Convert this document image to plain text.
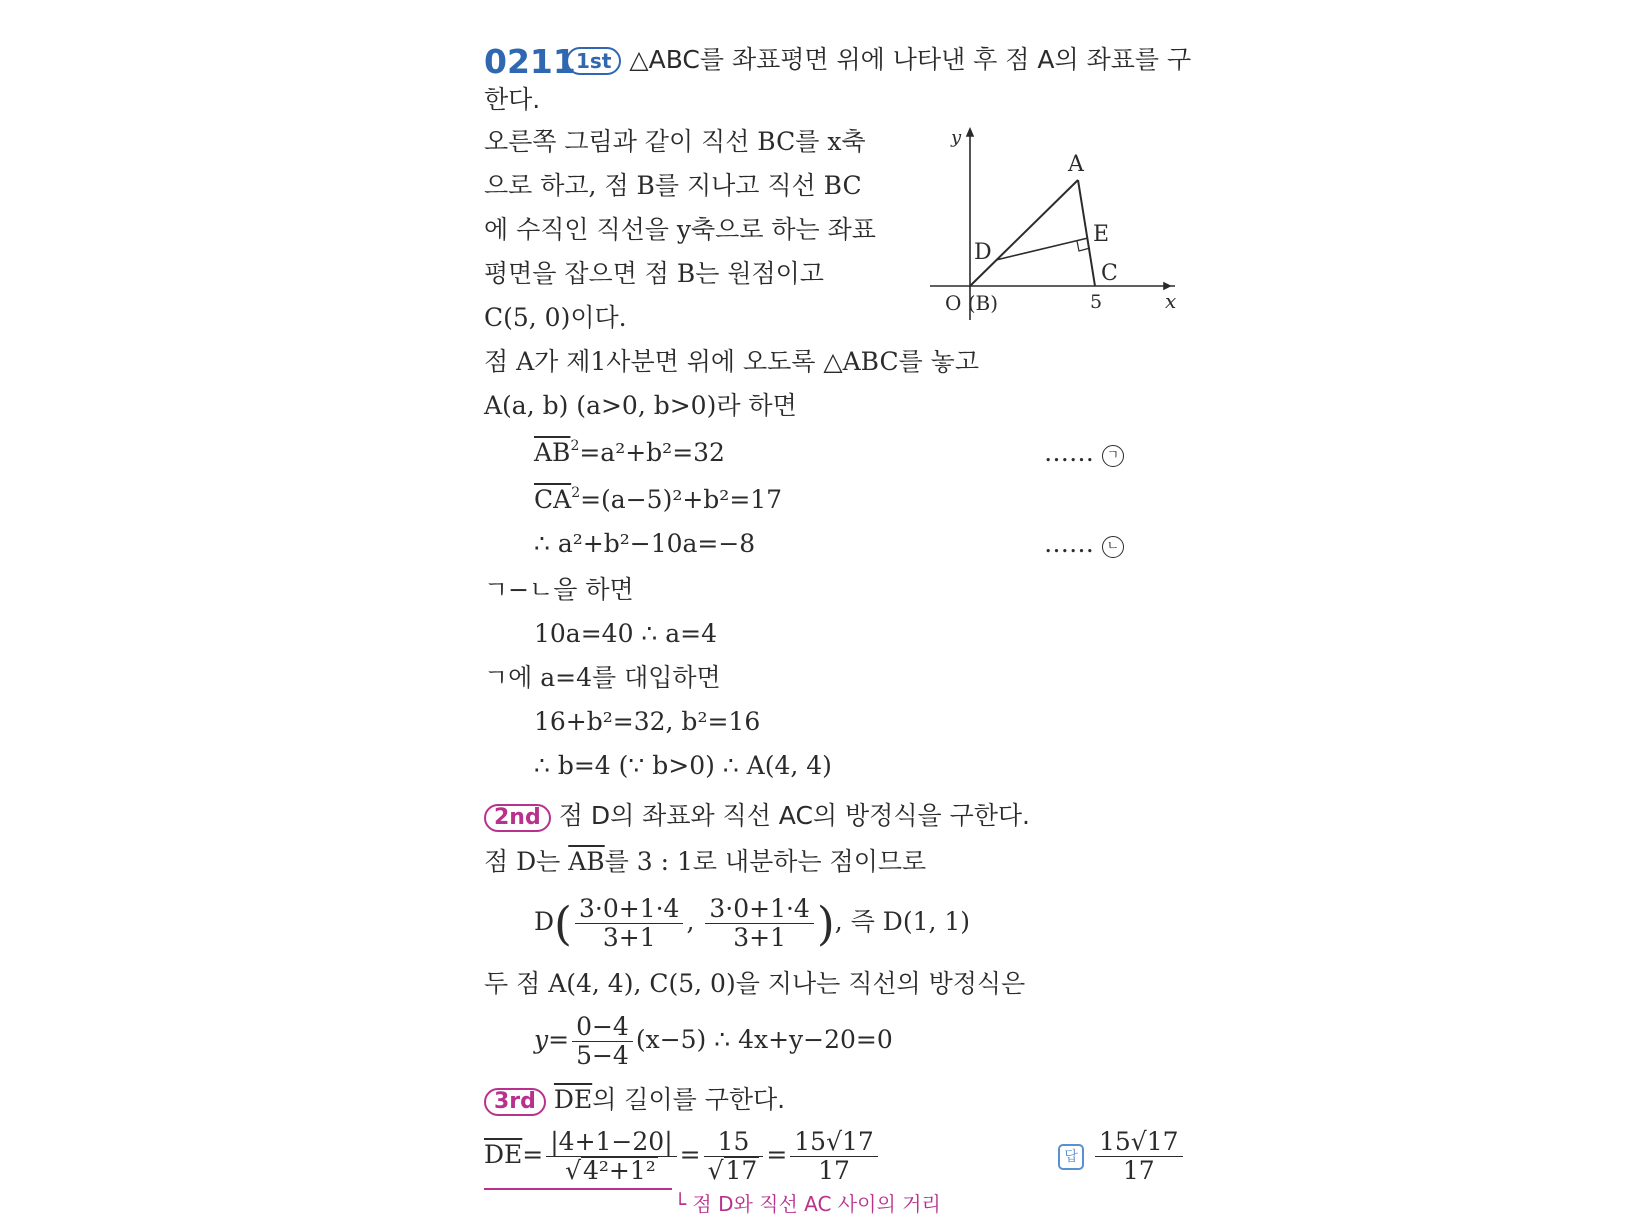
0211 1st △ABC를 좌표평면 위에 나타낸 후 점 A의 좌표를 구
한다.
오른쪽 그림과 같이 직선 BC를 x축
으로 하고, 점 B를 지나고 직선 BC
에 수직인 직선을 y축으로 하는 좌표
평면을 잡으면 점 B는 원점이고
C(5, 0)이다.
A
E
D
C
O (B)	5	x
y
점 A가 제1사분면 위에 오도록 △ABC를 놓고
A(a, b) (a>0, b>0)라 하면
$\overline{AB}^2=a^2+b^2=32$	…… ㄱ
$\overline{CA}^2=(a-5)^2+b^2=17$
∴ a²+b²−10a=−8	…… ㄴ
ㄱ−ㄴ을 하면
10a=40 ∴ a=4
ㄱ에 a=4를 대입하면
16+b²=32, b²=16
∴ b=4 (∵ b>0) ∴ A(4, 4)
2nd 점 D의 좌표와 직선 AC의 방정식을 구한다.
점 D는 $\overline{AB}$를 3 : 1로 내분하는 점이므로
$D( \frac{3\cdot 0+1\cdot 4}{3+1}$ , $\frac{3\cdot 0+1\cdot 4}{3+1}$ ), 즉 D(1, 1)
두 점 A(4, 4), C(5, 0)을 지나는 직선의 방정식은
$y= \frac{0-4}{5-4} (x-5)$ ∴ 4x+y−20=0
3rd $\overline{DE}$의 길이를 구한다.
$\overline{DE}= \frac{|4+1-20|}{\text{√4²+1²}} = \frac{15}{√17} = \frac{15√17}{17}$	답 $\frac{15√17}{17}$
└ 점 D와 직선 AC 사이의 거리
